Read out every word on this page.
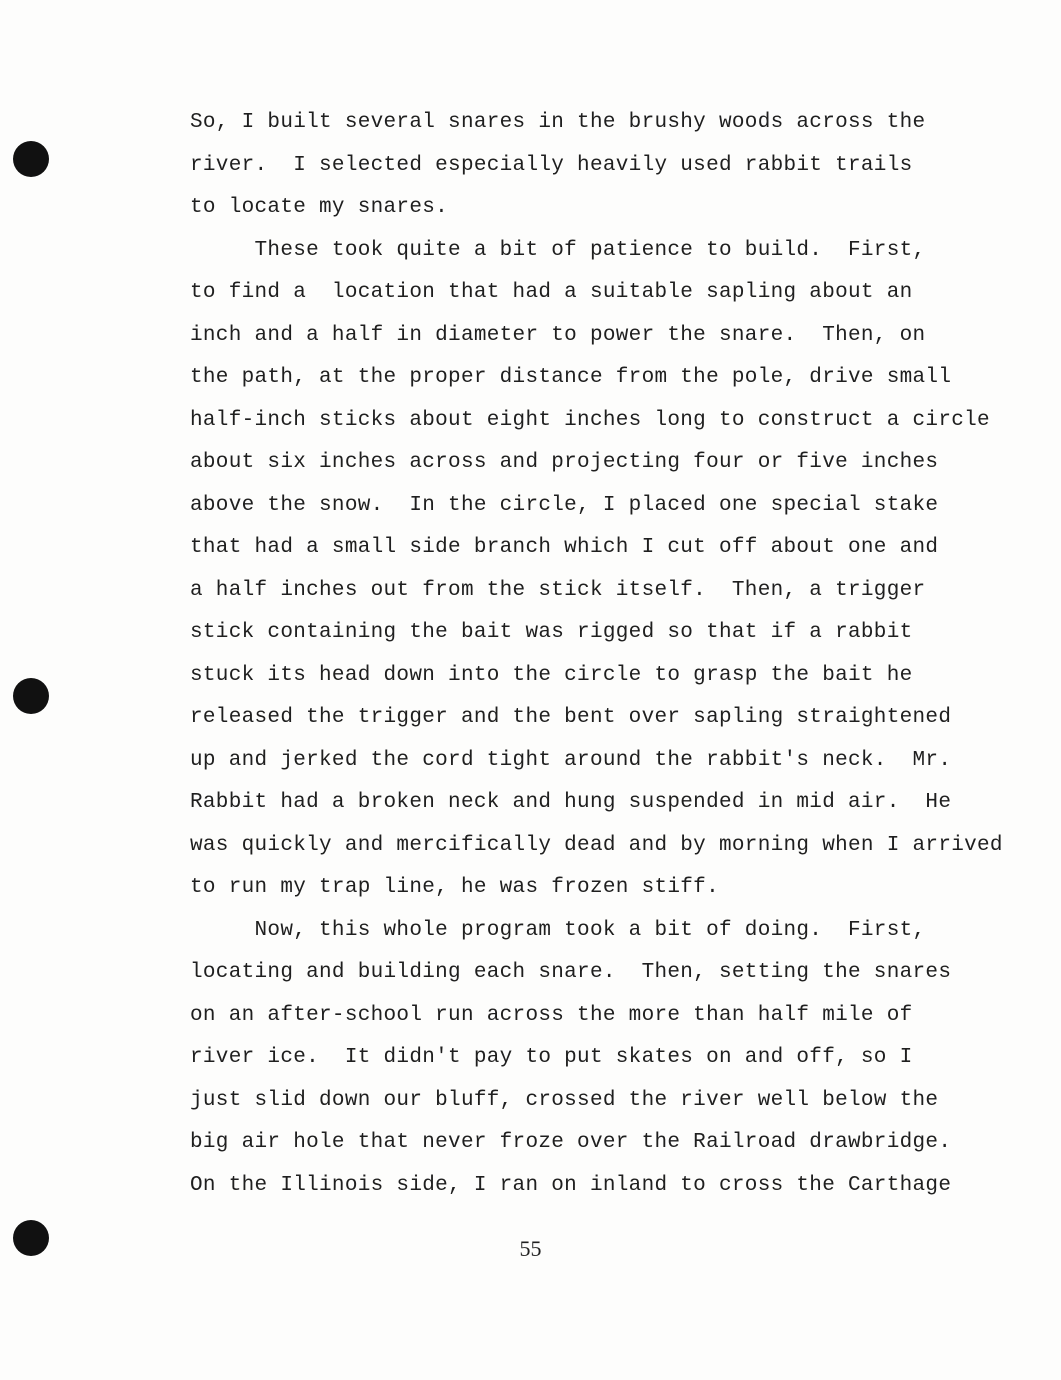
So, I built several snares in the brushy woods across the
river.  I selected especially heavily used rabbit trails
to locate my snares.
These took quite a bit of patience to build.  First,
to find a  location that had a suitable sapling about an
inch and a half in diameter to power the snare.  Then, on
the path, at the proper distance from the pole, drive small
half-inch sticks about eight inches long to construct a circle
about six inches across and projecting four or five inches
above the snow.  In the circle, I placed one special stake
that had a small side branch which I cut off about one and
a half inches out from the stick itself.  Then, a trigger
stick containing the bait was rigged so that if a rabbit
stuck its head down into the circle to grasp the bait he
released the trigger and the bent over sapling straightened
up and jerked the cord tight around the rabbit's neck.  Mr.
Rabbit had a broken neck and hung suspended in mid air.  He
was quickly and mercifically dead and by morning when I arrived
to run my trap line, he was frozen stiff.
Now, this whole program took a bit of doing.  First,
locating and building each snare.  Then, setting the snares
on an after-school run across the more than half mile of
river ice.  It didn't pay to put skates on and off, so I
just slid down our bluff, crossed the river well below the
big air hole that never froze over the Railroad drawbridge.
On the Illinois side, I ran on inland to cross the Carthage
55
